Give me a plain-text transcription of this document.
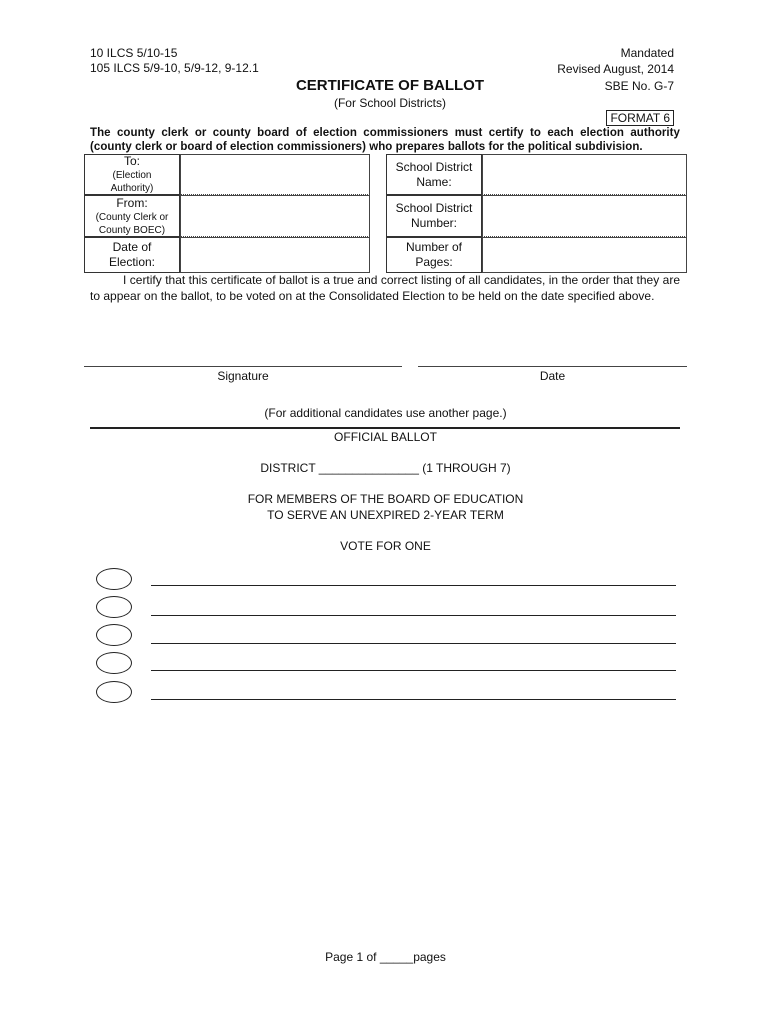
10 ILCS 5/10-15
105 ILCS 5/9-10, 5/9-12, 9-12.1
Mandated
Revised August, 2014
SBE No. G-7
CERTIFICATE OF BALLOT
(For School Districts)
FORMAT 6
The county clerk or county board of election commissioners must certify to each election authority (county clerk or board of election commissioners) who prepares ballots for the political subdivision.
To:
(Election Authority)
From:
(County Clerk or County BOEC)
Date of
Election:
School District
Name:
School District
Number:
Number of
Pages:
I certify that this certificate of ballot is a true and correct listing of all candidates, in the order that they are to appear on the ballot, to be voted on at the Consolidated Election to be held on the date specified above.
Signature	Date
(For additional candidates use another page.)
OFFICIAL BALLOT
DISTRICT _______________ (1 THROUGH 7)
FOR MEMBERS OF THE BOARD OF EDUCATION
TO SERVE AN UNEXPIRED 2-YEAR TERM
VOTE FOR ONE
Page 1 of _____pages
